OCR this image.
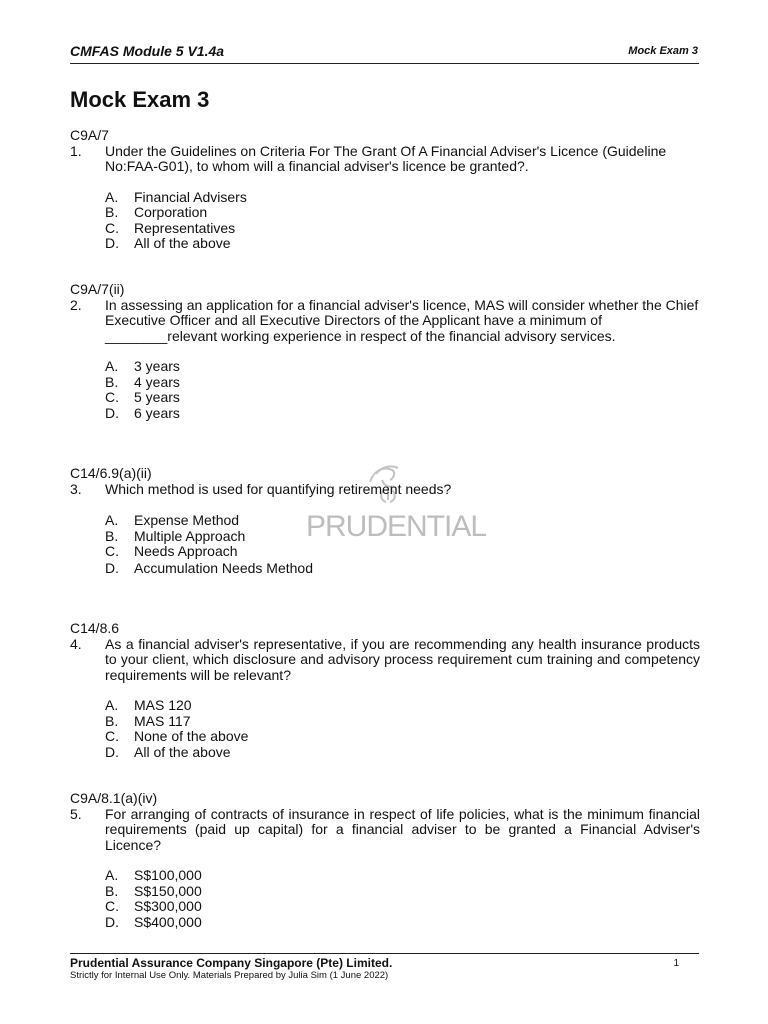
CMFAS Module 5 V1.4a	Mock Exam 3
Mock Exam 3
C9A/7
1.	Under the Guidelines on Criteria For The Grant Of A Financial Adviser's Licence (Guideline No:FAA-G01), to whom will a financial adviser's licence be granted?.
A.	Financial Advisers
B.	Corporation
C.	Representatives
D.	All of the above
C9A/7(ii)
2.	In assessing an application for a financial adviser's licence, MAS will consider whether the Chief Executive Officer and all Executive Directors of the Applicant have a minimum of
________relevant working experience in respect of the financial advisory services.
A.	3 years
B.	4 years
C.	5 years
D.	6 years
PRUDENTIAL
C14/6.9(a)(ii)
3.	Which method is used for quantifying retirement needs?
A.	Expense Method
B.	Multiple Approach
C.	Needs Approach
D.	Accumulation Needs Method
C14/8.6
4.	As a financial adviser's representative, if you are recommending any health insurance products to your client, which disclosure and advisory process requirement cum training and competency requirements will be relevant?
A.	MAS 120
B.	MAS 117
C.	None of the above
D.	All of the above
C9A/8.1(a)(iv)
5.	For arranging of contracts of insurance in respect of life policies, what is the minimum financial requirements (paid up capital) for a financial adviser to be granted a Financial Adviser's Licence?
A.	S$100,000
B.	S$150,000
C.	S$300,000
D.	S$400,000
Prudential Assurance Company Singapore (Pte) Limited.
Strictly for Internal Use Only. Materials Prepared by Julia Sim (1 June 2022)
1
